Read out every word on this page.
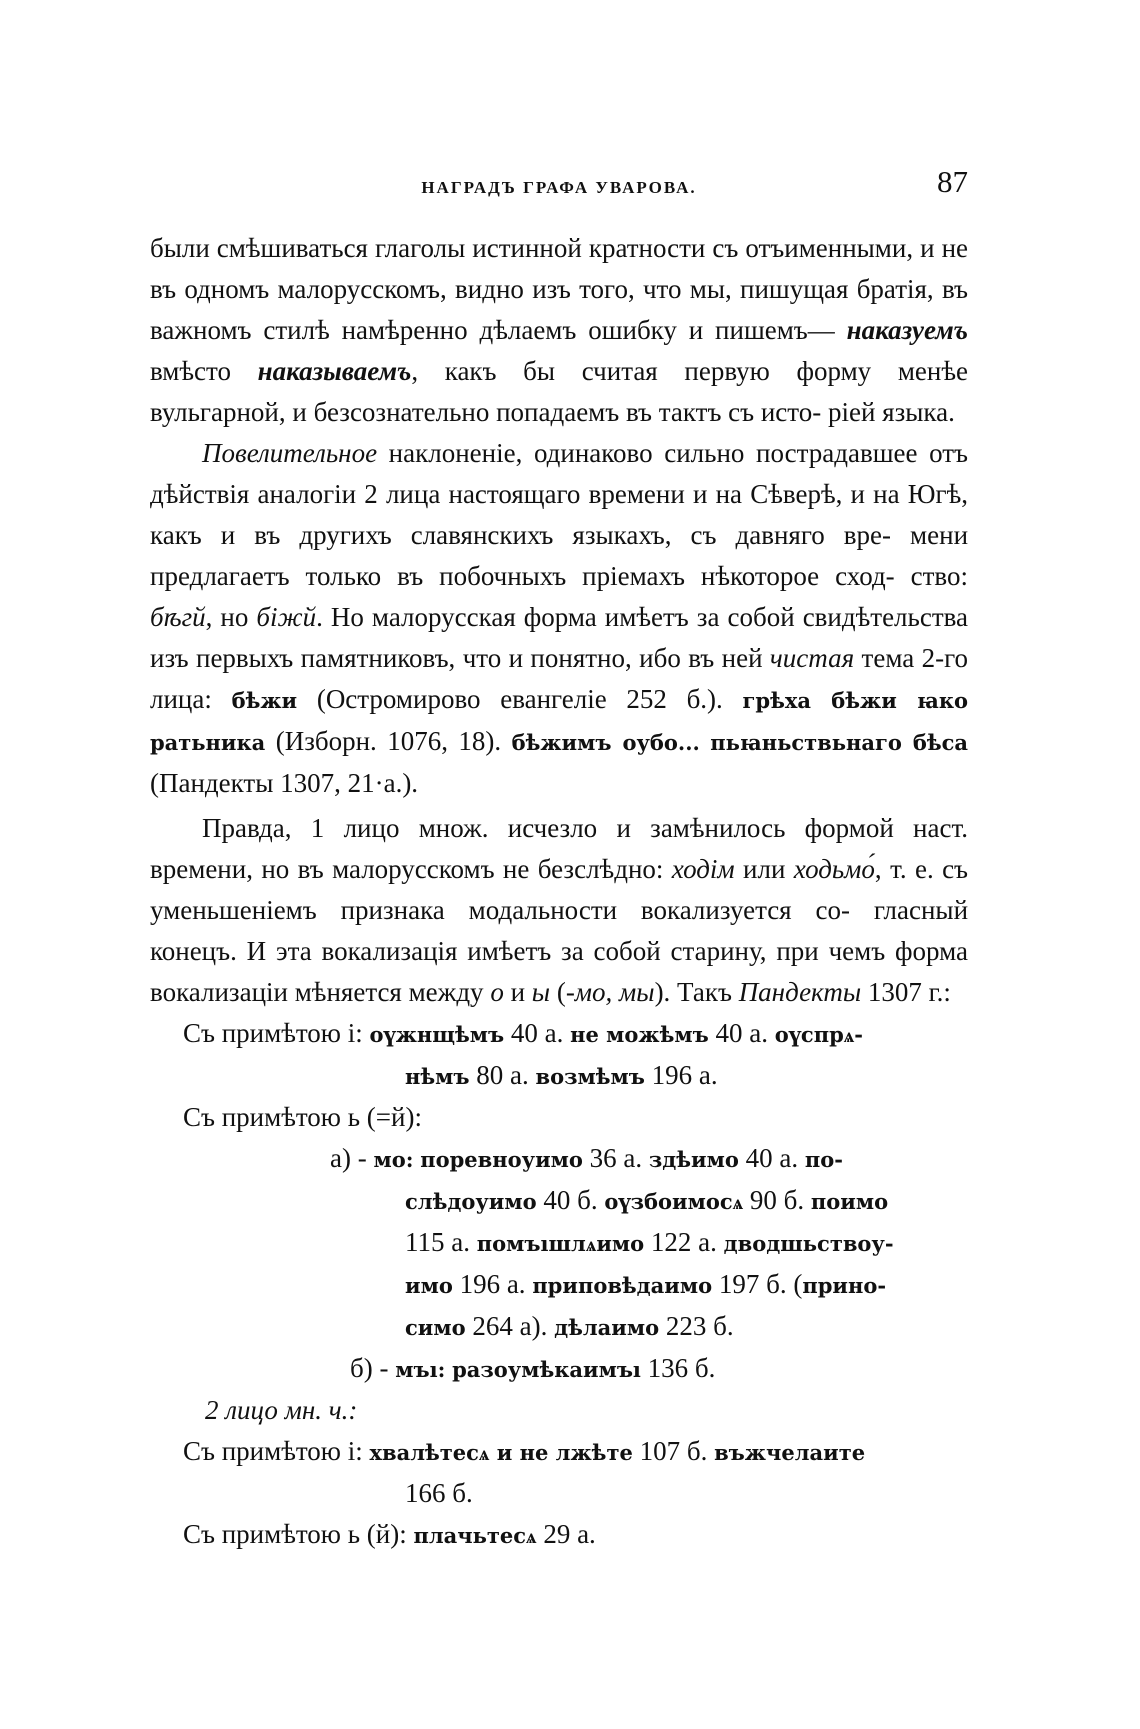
НАГРАДЪ ГРАФА УВАРОВА.	87

были смѣшиваться глаголы истинной кратности съ отъименными, и не въ одномъ малорусскомъ, видно изъ того, что мы, пишущая братія, въ важномъ стилѣ намѣренно дѣлаемъ ошибку и пишемъ— наказуемъ вмѣсто наказываемъ, какъ бы считая первую форму менѣе вульгарной, и безсознательно попадаемъ въ тактъ съ исто- ріей языка.

Повелительное наклоненіе, одинаково сильно пострадавшее отъ дѣйствія аналогіи 2 лица настоящаго времени и на Сѣверѣ, и на Югѣ, какъ и въ другихъ славянскихъ языкахъ, съ давняго вре- мени предлагаетъ только въ побочныхъ пріемахъ нѣкоторое сход- ство: бѣгй, но біжй. Но малорусская форма имѣетъ за собой свидѣтельства изъ первыхъ памятниковъ, что и понятно, ибо въ ней чистая тема 2-го лица: бѣжи (Остромирово евангеліе 252 б.). грѣха бѣжи ꙗко ратьника (Изборн. 1076, 18). бѣжимъ оубо... пьꙗньствьнаго бѣса (Пандекты 1307, 21·а.).

Правда, 1 лицо множ. исчезло и замѣнилось формой наст. времени, но въ малорусскомъ не безслѣдно: ходім или ходьмо́, т. е. съ уменьшеніемъ признака модальности вокализуется со- гласный конецъ. И эта вокализація имѣетъ за собой старину, при чемъ форма вокализаціи мѣняется между о и ы (-мо, мы). Такъ Пандекты 1307 г.:

Съ примѣтою і: оүжнщѣмъ 40 а. не можѣмъ 40 а. оүспрѧ-

нѣмъ 80 а. возмѣмъ 196 а.

Съ примѣтою ь (=й):

а) - мо: поревноуимо 36 а. здѣимо 40 а. по-

слѣдоуимо 40 б. оүзбоимосѧ 90 б. поимо

115 а. помъıшлѧимо 122 а. дводшьствоу-

имо 196 а. приповѣдаимо 197 б. (прино-

симо 264 а). дѣлаимо 223 б.

б) - мъı: разоумѣкаимъı 136 б.

2 лицо мн. ч.:

Съ примѣтою і: хвалѣтесѧ и не лжѣте 107 б. въжчелаите

166 б.

Съ примѣтою ь (й): плачьтесѧ 29 а.
